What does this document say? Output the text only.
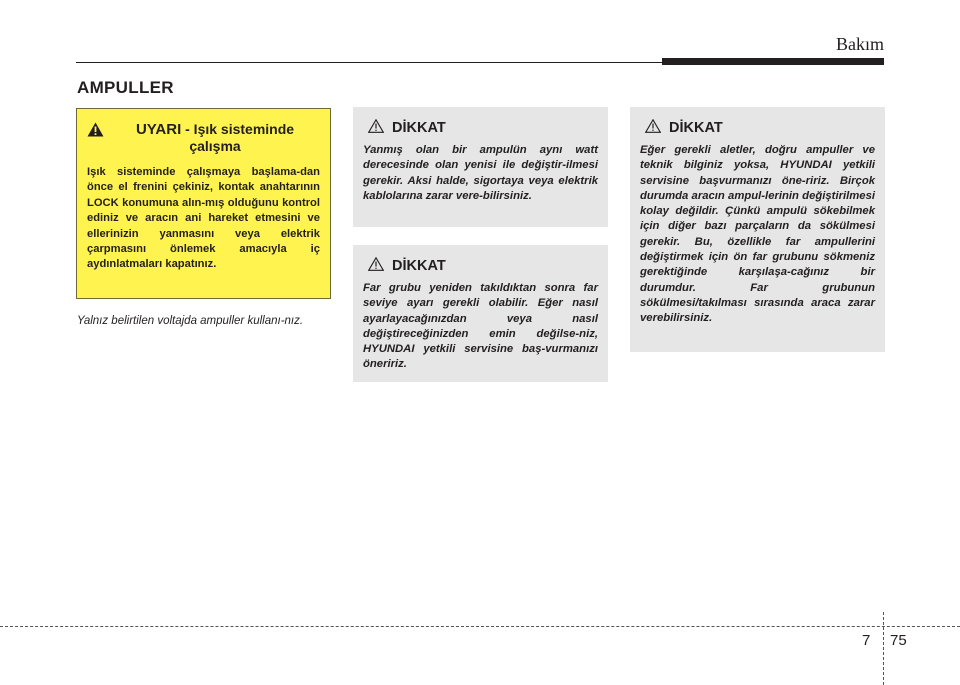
Bakım
AMPULLER
UYARI - Işık sisteminde çalışma
Işık sisteminde çalışmaya başlama-dan önce el frenini çekiniz, kontak anahtarının LOCK konumuna alın-mış olduğunu kontrol ediniz ve aracın ani hareket etmesini ve ellerinizin yanmasını veya elektrik çarpmasını önlemek amacıyla iç aydınlatmaları kapatınız.
Yalnız belirtilen voltajda ampuller kullanı-nız.
DİKKAT
Yanmış olan bir ampulün aynı watt derecesinde olan yenisi ile değiştir-ilmesi gerekir. Aksi halde, sigortaya veya elektrik kablolarına zarar vere-bilirsiniz.
DİKKAT
Far grubu yeniden takıldıktan sonra far seviye ayarı gerekli olabilir. Eğer nasıl ayarlayacağınızdan veya nasıl değiştireceğinizden emin değilse-niz, HYUNDAI yetkili servisine baş-vurmanızı öneririz.
DİKKAT
Eğer gerekli aletler, doğru ampuller ve teknik bilginiz yoksa, HYUNDAI yetkili servisine başvurmanızı öne-ririz. Birçok durumda aracın ampul-lerinin değiştirilmesi kolay değildir. Çünkü ampulü sökebilmek için diğer bazı parçaların da sökülmesi gerekir. Bu, özellikle far ampullerini değiştirmek için ön far grubunu sökmeniz gerektiğinde karşılaşa-cağınız bir durumdur. Far grubunun sökülmesi/takılması sırasında araca zarar verebilirsiniz.
7 75
